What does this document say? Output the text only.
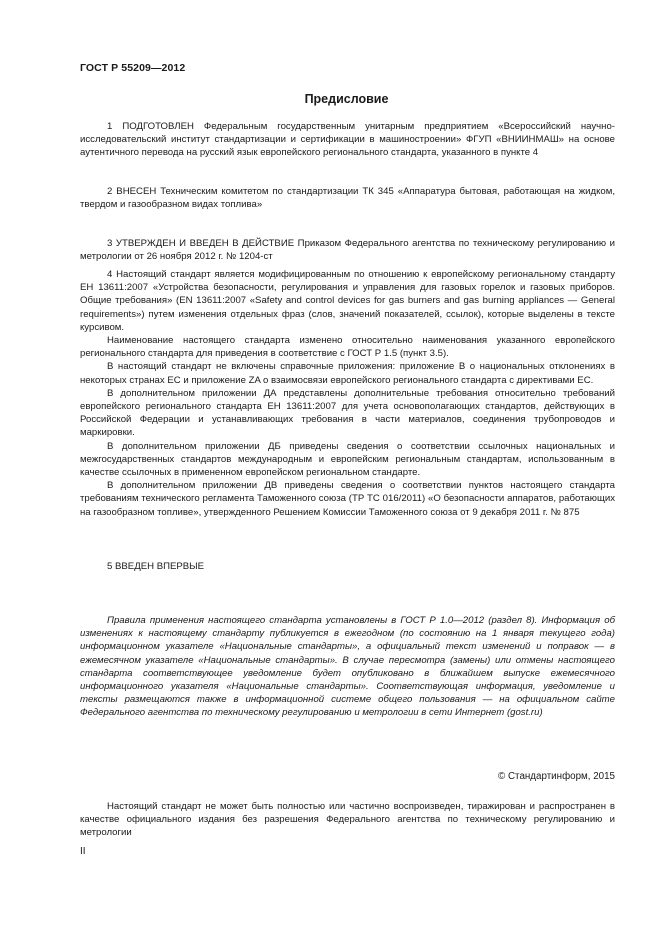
ГОСТ Р 55209—2012
Предисловие

1 ПОДГОТОВЛЕН Федеральным государственным унитарным предприятием «Всероссийский научно-исследовательский институт стандартизации и сертификации в машиностроении» ФГУП «ВНИИНМАШ» на основе аутентичного перевода на русский язык европейского регионального стандарта, указанного в пункте 4

2 ВНЕСЕН Техническим комитетом по стандартизации ТК 345 «Аппаратура бытовая, работающая на жидком, твердом и газообразном видах топлива»

3 УТВЕРЖДЕН И ВВЕДЕН В ДЕЙСТВИЕ Приказом Федерального агентства по техническому регулированию и метрологии от 26 ноября 2012 г. № 1204-ст

4 Настоящий стандарт является модифицированным по отношению к европейскому региональному стандарту ЕН 13611:2007 «Устройства безопасности, регулирования и управления для газовых горелок и газовых приборов. Общие требования» (EN 13611:2007 «Safety and control devices for gas burners and gas burning appliances — General requirements») путем изменения отдельных фраз (слов, значений показателей, ссылок), которые выделены в тексте курсивом.

Наименование настоящего стандарта изменено относительно наименования указанного европейского регионального стандарта для приведения в соответствие с ГОСТ Р 1.5 (пункт 3.5).

В настоящий стандарт не включены справочные приложения: приложение В о национальных отклонениях в некоторых странах ЕС и приложение ZA о взаимосвязи европейского регионального стандарта с директивами ЕС.

В дополнительном приложении ДА представлены дополнительные требования относительно требований европейского регионального стандарта ЕН 13611:2007 для учета основополагающих стандартов, действующих в Российской Федерации и устанавливающих требования в части материалов, соединения трубопроводов и маркировки.

В дополнительном приложении ДБ приведены сведения о соответствии ссылочных национальных и межгосударственных стандартов международным и европейским региональным стандартам, использованным в качестве ссылочных в примененном европейском региональном стандарте.

В дополнительном приложении ДВ приведены сведения о соответствии пунктов настоящего стандарта требованиям технического регламента Таможенного союза (ТР ТС 016/2011) «О безопасности аппаратов, работающих на газообразном топливе», утвержденного Решением Комиссии Таможенного союза от 9 декабря 2011 г. № 875

5 ВВЕДЕН ВПЕРВЫЕ

Правила применения настоящего стандарта установлены в ГОСТ Р 1.0—2012 (раздел 8). Информация об изменениях к настоящему стандарту публикуется в ежегодном (по состоянию на 1 января текущего года) информационном указателе «Национальные стандарты», а официальный текст изменений и поправок — в ежемесячном указателе «Национальные стандарты». В случае пересмотра (замены) или отмены настоящего стандарта соответствующее уведомление будет опубликовано в ближайшем выпуске ежемесячного информационного указателя «Национальные стандарты». Соответствующая информация, уведомление и тексты размещаются также в информационной системе общего пользования — на официальном сайте Федерального агентства по техническому регулированию и метрологии в сети Интернет (gost.ru)

© Стандартинформ, 2015

Настоящий стандарт не может быть полностью или частично воспроизведен, тиражирован и распространен в качестве официального издания без разрешения Федерального агентства по техническому регулированию и метрологии

II
